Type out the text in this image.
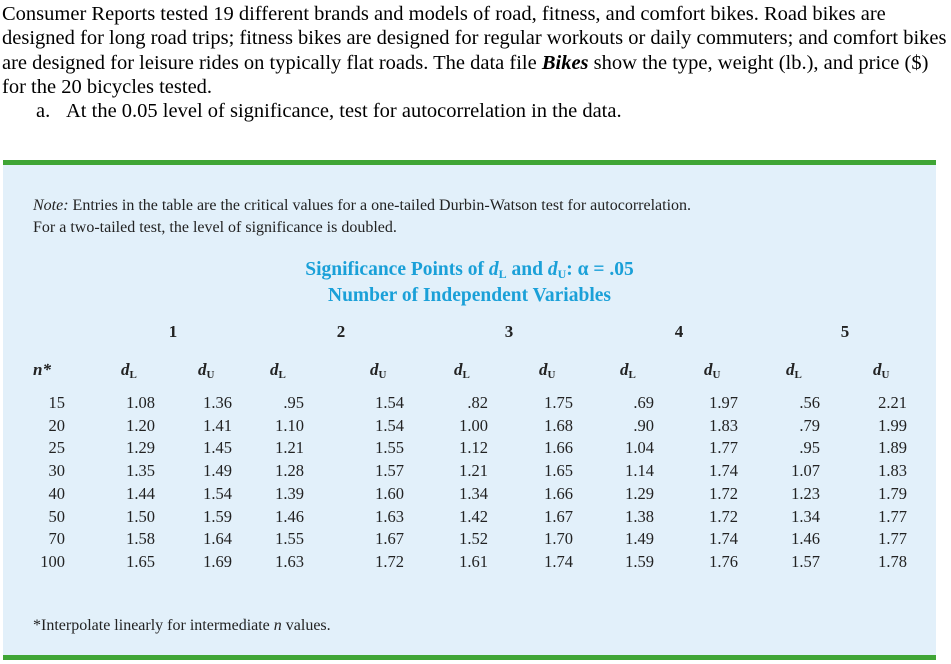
Consumer Reports tested 19 different brands and models of road, fitness, and comfort bikes. Road bikes are designed for long road trips; fitness bikes are designed for regular workouts or daily commuters; and comfort bikes are designed for leisure rides on typically flat roads. The data file Bikes show the type, weight (lb.), and price ($) for the 20 bicycles tested.

a. At the 0.05 level of significance, test for autocorrelation in the data.

Note: Entries in the table are the critical values for a one-tailed Durbin-Watson test for autocorrelation.
For a two-tailed test, the level of significance is doubled.
Significance Points of $d_L$ and $d_U$: α = .05
Number of Independent Variables
1	2	3	4	5
n*	dL	dU	dL	dU	dL	dU	dL	dU	dL	dU
15	1.08	1.36	.95	1.54	.82	1.75	.69	1.97	.56	2.21
20	1.20	1.41	1.10	1.54	1.00	1.68	.90	1.83	.79	1.99
25	1.29	1.45	1.21	1.55	1.12	1.66	1.04	1.77	.95	1.89
30	1.35	1.49	1.28	1.57	1.21	1.65	1.14	1.74	1.07	1.83
40	1.44	1.54	1.39	1.60	1.34	1.66	1.29	1.72	1.23	1.79
50	1.50	1.59	1.46	1.63	1.42	1.67	1.38	1.72	1.34	1.77
70	1.58	1.64	1.55	1.67	1.52	1.70	1.49	1.74	1.46	1.77
100	1.65	1.69	1.63	1.72	1.61	1.74	1.59	1.76	1.57	1.78
*Interpolate linearly for intermediate n values.
